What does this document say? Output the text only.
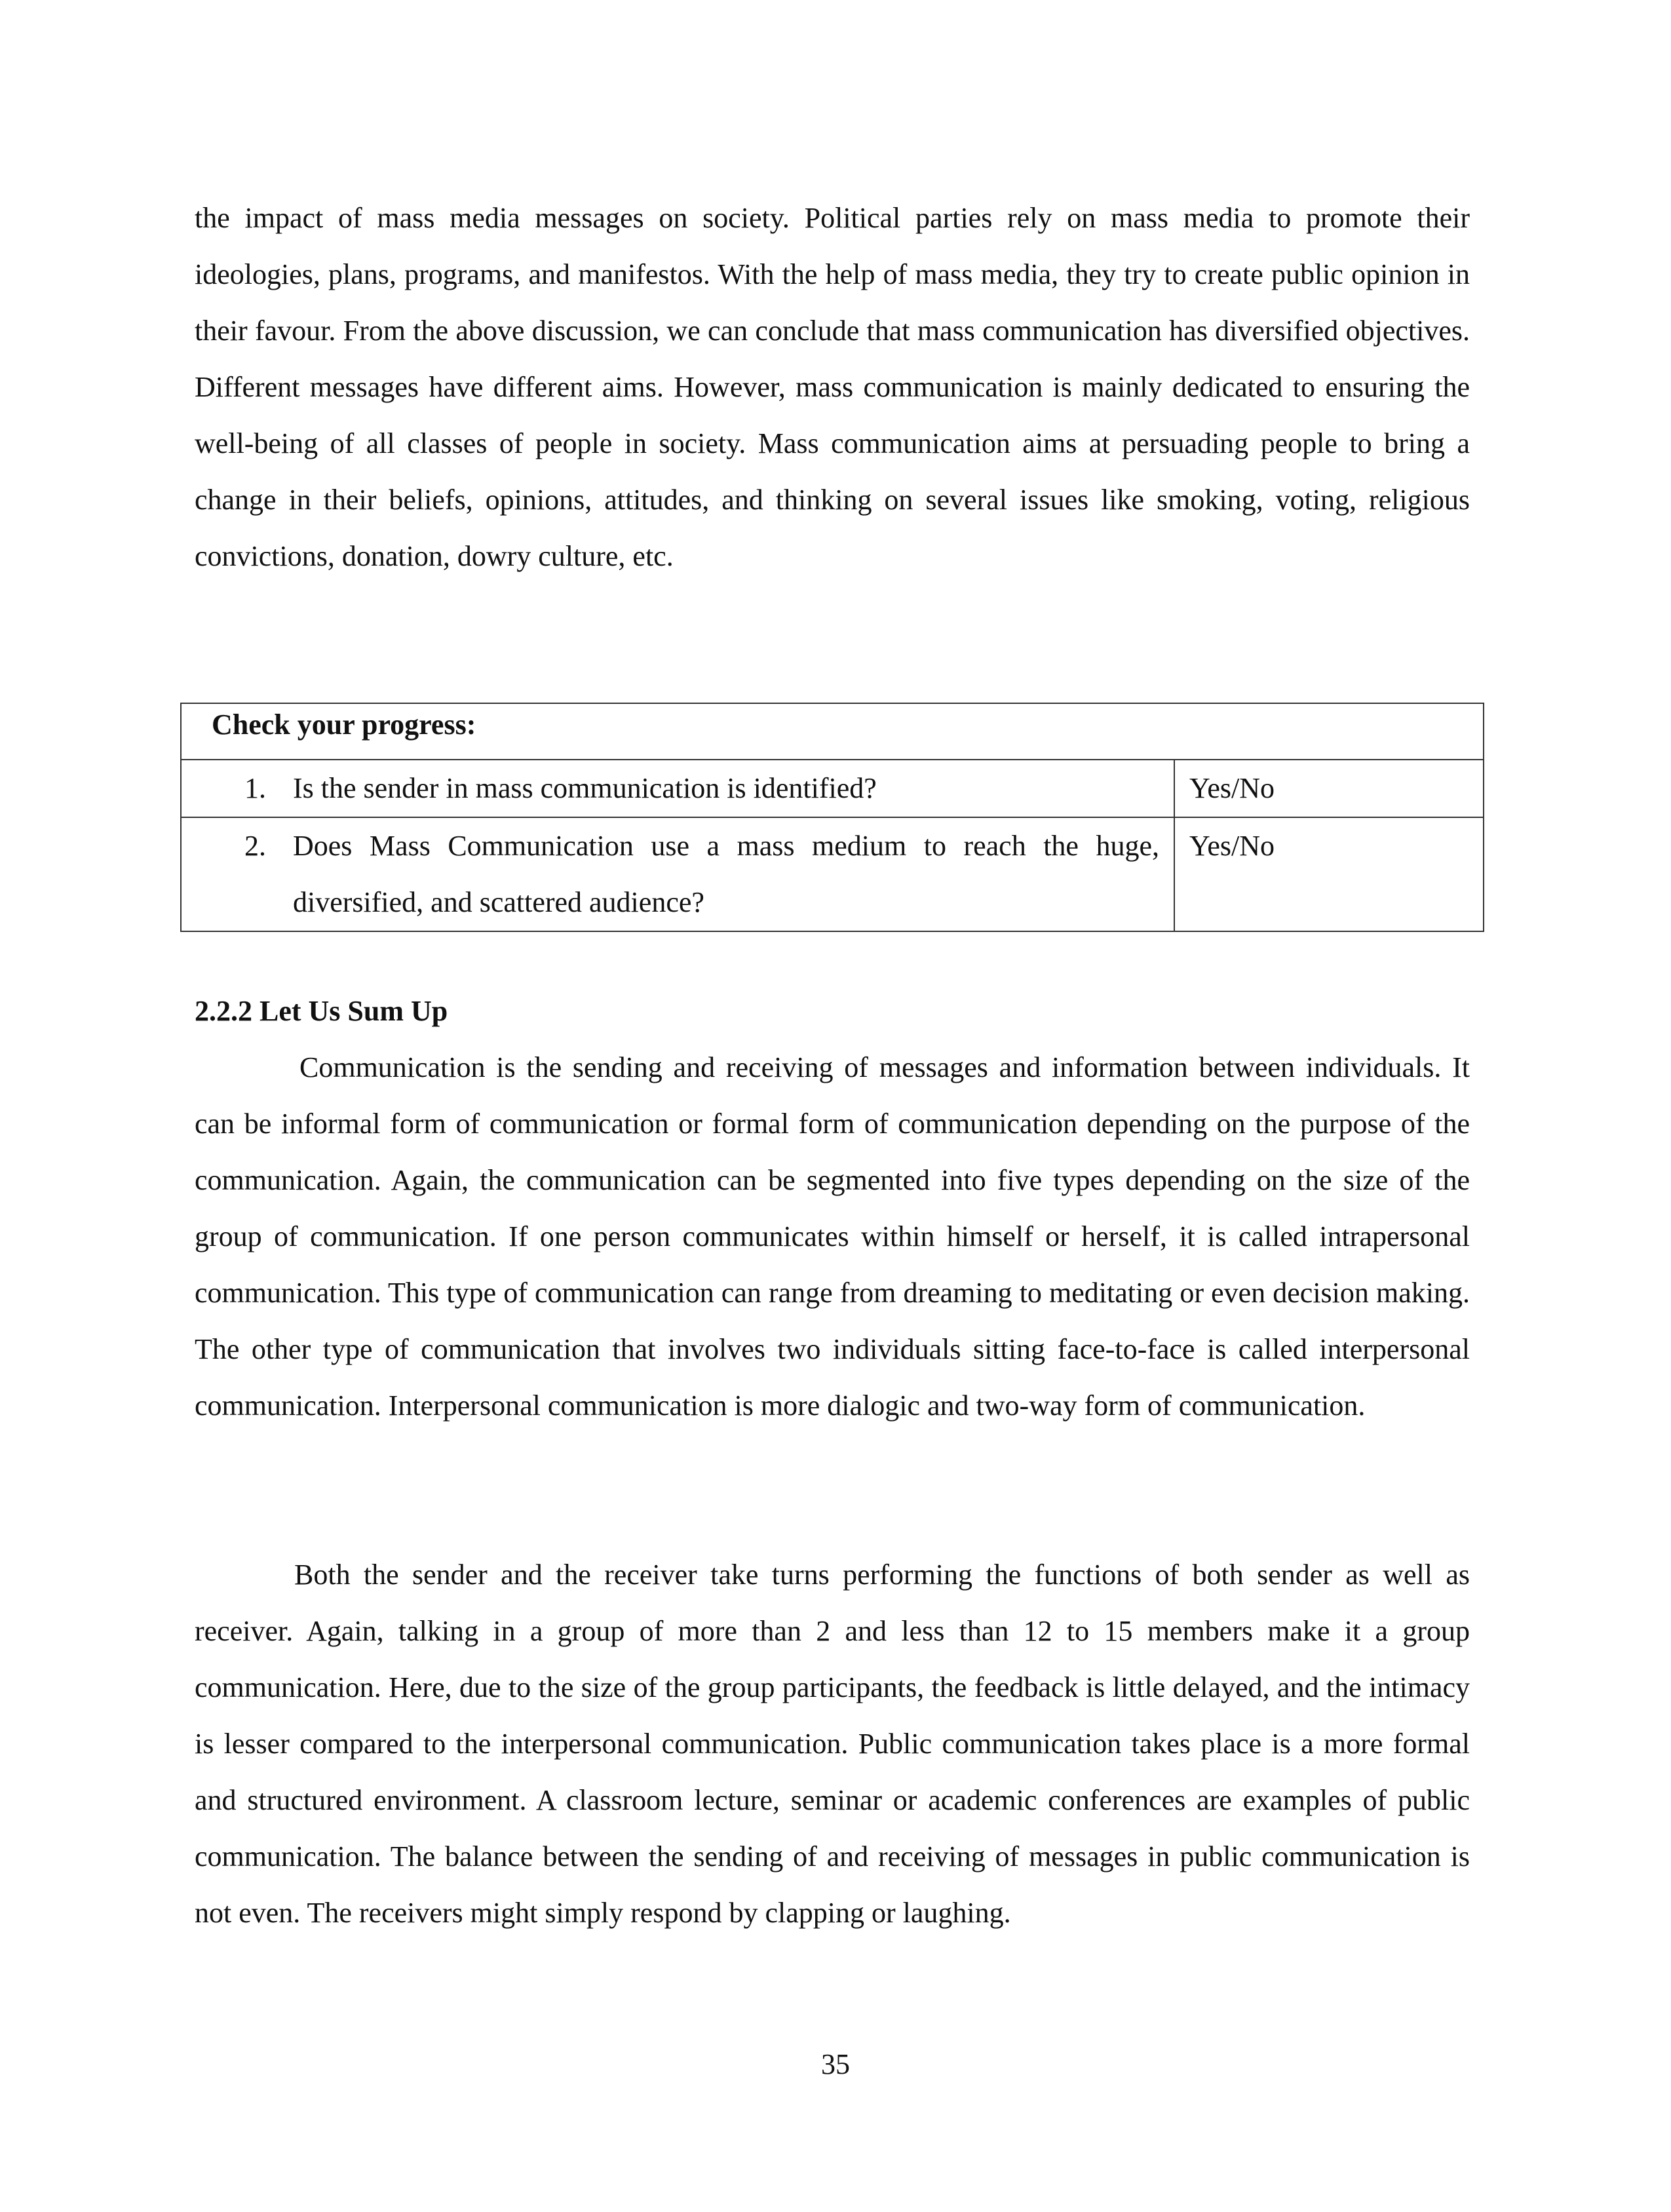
the impact of mass media messages on society. Political parties rely on mass media to promote their ideologies, plans, programs, and manifestos. With the help of mass media, they try to create public opinion in their favour. From the above discussion, we can conclude that mass communication has diversified objectives. Different messages have different aims. However, mass communication is mainly dedicated to ensuring the well-being of all classes of people in society. Mass communication aims at persuading people to bring a change in their beliefs, opinions, attitudes, and thinking on several issues like smoking, voting, religious convictions, donation, dowry culture, etc.

Check your progress:	

1. Is the sender in mass communication is identified?	Yes/No

2. Does Mass Communication use a mass medium to reach the huge, diversified, and scattered audience?	Yes/No
2.2.2 Let Us Sum Up

Communication is the sending and receiving of messages and information between individuals. It can be informal form of communication or formal form of communication depending on the purpose of the communication. Again, the communication can be segmented into five types depending on the size of the group of communication. If one person communicates within himself or herself, it is called intrapersonal communication. This type of communication can range from dreaming to meditating or even decision making. The other type of communication that involves two individuals sitting face-to-face is called interpersonal communication. Interpersonal communication is more dialogic and two-way form of communication.

Both the sender and the receiver take turns performing the functions of both sender as well as receiver. Again, talking in a group of more than 2 and less than 12 to 15 members make it a group communication. Here, due to the size of the group participants, the feedback is little delayed, and the intimacy is lesser compared to the interpersonal communication. Public communication takes place is a more formal and structured environment. A classroom lecture, seminar or academic conferences are examples of public communication. The balance between the sending of and receiving of messages in public communication is not even. The receivers might simply respond by clapping or laughing.

35
